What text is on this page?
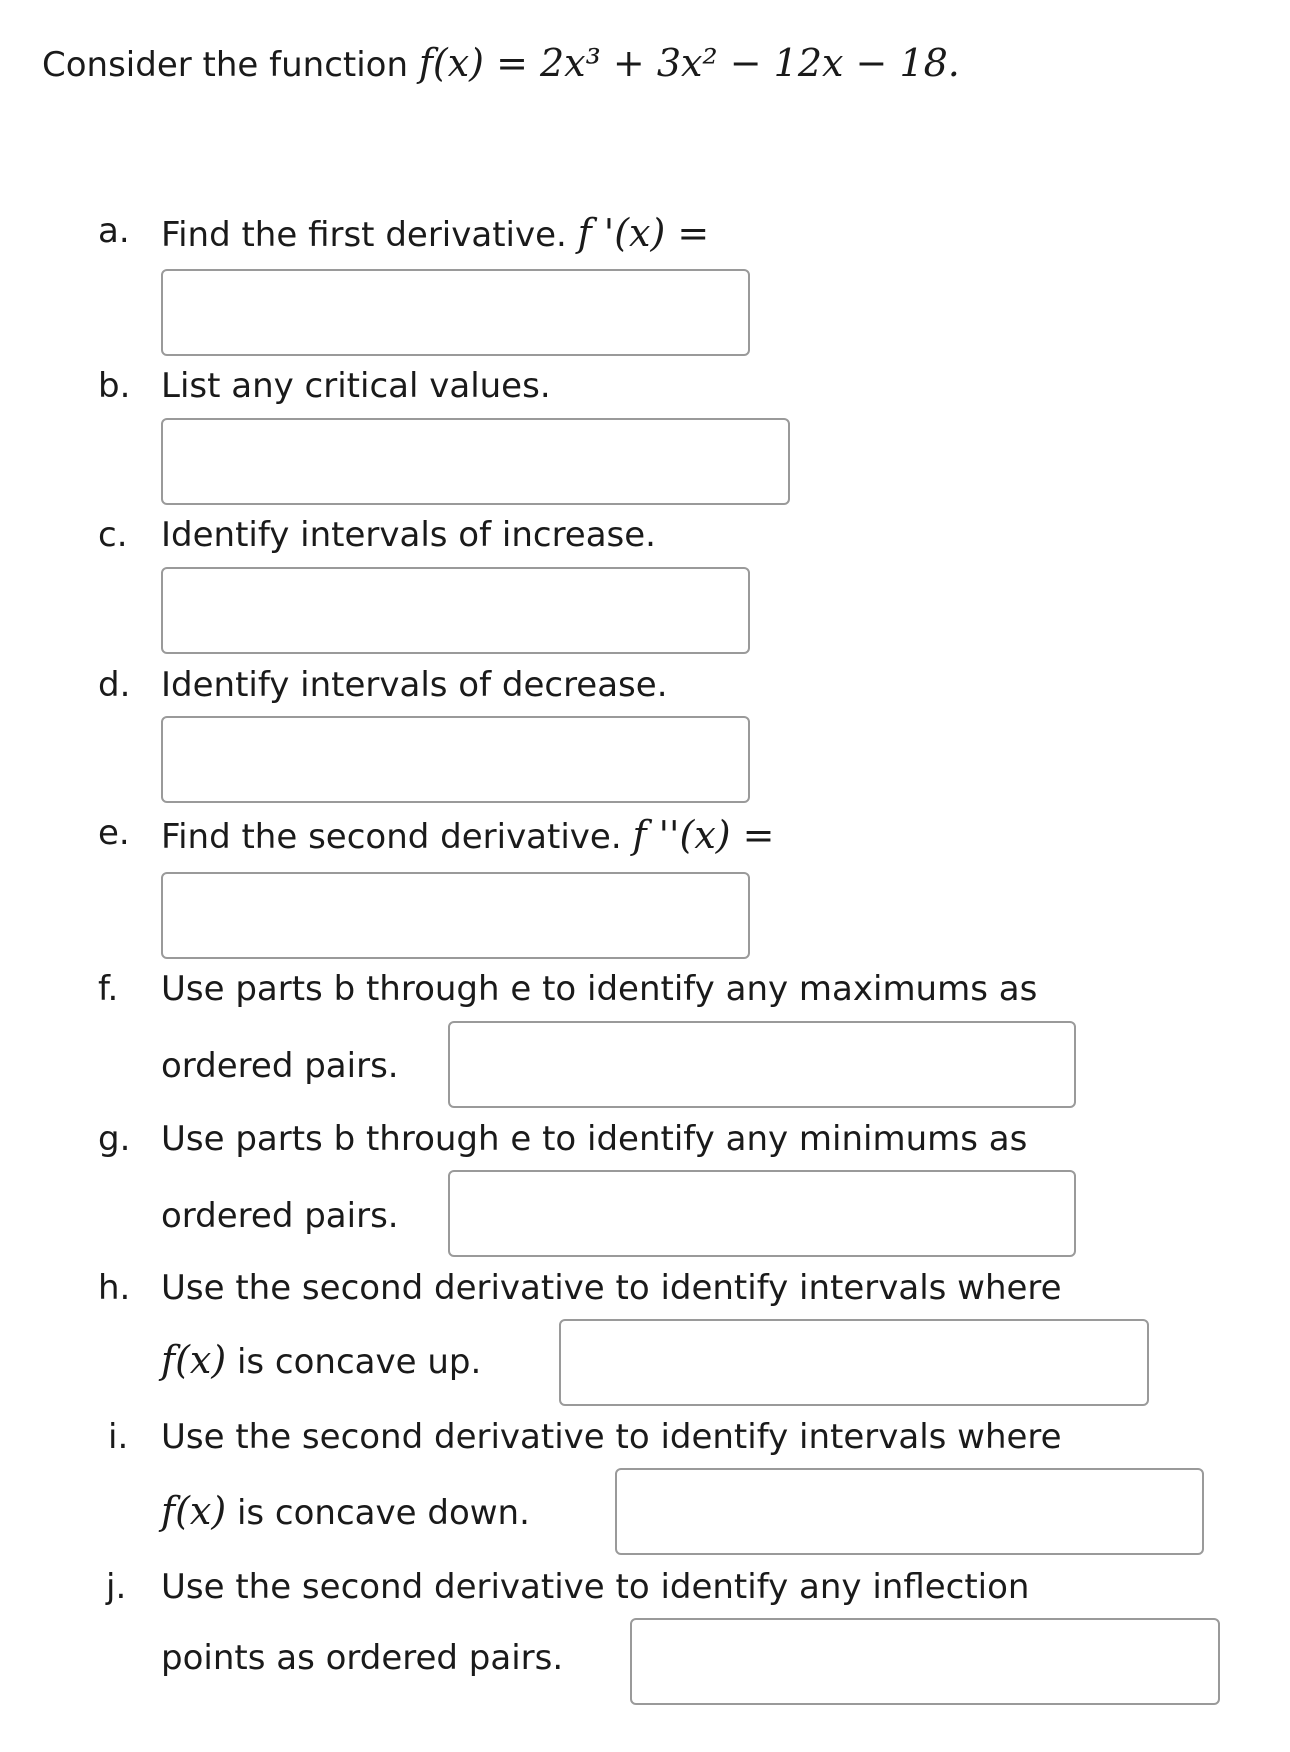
Consider the function f(x) = 2x³ + 3x² − 12x − 18.
a. Find the first derivative. f '(x) =
b. List any critical values.
c. Identify intervals of increase.
d. Identify intervals of decrease.
e. Find the second derivative. f ''(x) =
f. Use parts b through e to identify any maximums as
ordered pairs.
g. Use parts b through e to identify any minimums as
ordered pairs.
h. Use the second derivative to identify intervals where
f(x) is concave up.
i. Use the second derivative to identify intervals where
f(x) is concave down.
j. Use the second derivative to identify any inflection
points as ordered pairs.
